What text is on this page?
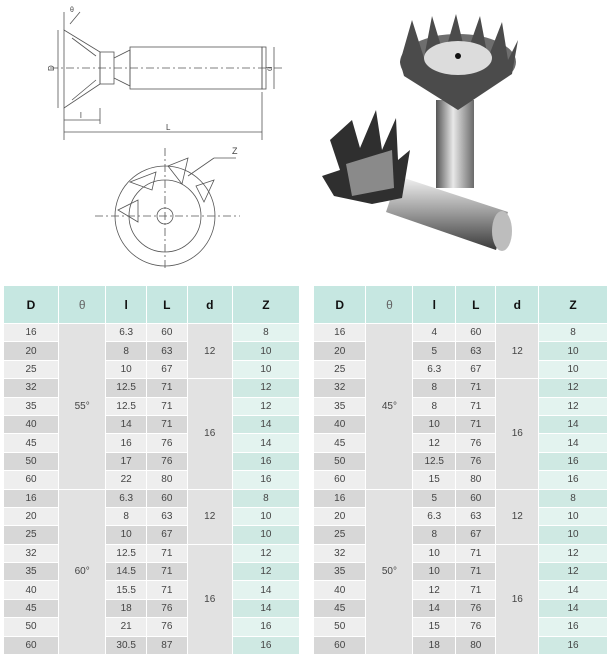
D	d
l
L
θ
Z
D	θ	l	L	d	Z
16	55°	6.3	60	12	8
20		8	63		10
25		10	67		10
32		12.5	71	16	12
35		12.5	71		12
40		14	71		14
45		16	76		14
50		17	76		16
60		22	80		16
16	60°	6.3	60	12	8
20		8	63		10
25		10	67		10
32		12.5	71	16	12
35		14.5	71		12
40		15.5	71		14
45		18	76		14
50		21	76		16
60		30.5	87		16
D	θ	l	L	d	Z
16	45°	4	60	12	8
20		5	63		10
25		6.3	67		10
32		8	71	16	12
35		8	71		12
40		10	71		14
45		12	76		14
50		12.5	76		16
60		15	80		16
16	50°	5	60	12	8
20		6.3	63		10
25		8	67		10
32		10	71	16	12
35		10	71		12
40		12	71		14
45		14	76		14
50		15	76		16
60		18	80		16
